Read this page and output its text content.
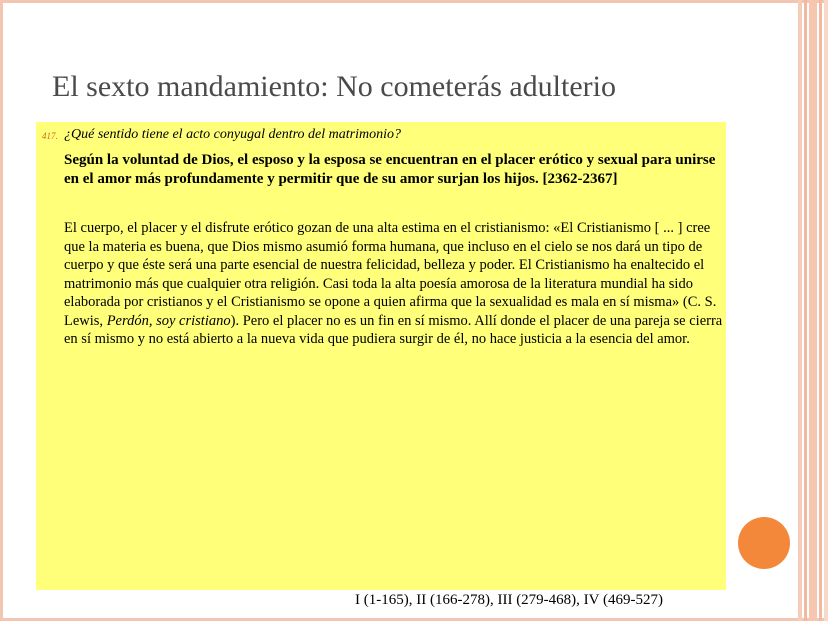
El sexto mandamiento: No cometerás adulterio
417. ¿Qué sentido tiene el acto conyugal dentro del matrimonio?
Según la voluntad de Dios, el esposo y la esposa se encuentran en el placer erótico y sexual para unirse en el amor más profundamente y permitir que de su amor surjan los hijos. [2362-2367]
El cuerpo, el placer y el disfrute erótico gozan de una alta estima en el cristianismo: «El Cristianismo [ ... ] cree que la materia es buena, que Dios mismo asumió forma humana, que incluso en el cielo se nos dará un tipo de cuerpo y que éste será una parte esencial de nuestra felicidad, belleza y poder. El Cristianismo ha enaltecido el matrimonio más que cualquier otra religión. Casi toda la alta poesía amorosa de la literatura mundial ha sido elaborada por cristianos y el Cristianismo se opone a quien afirma que la sexualidad es mala en sí misma» (C. S. Lewis, Perdón, soy cristiano). Pero el placer no es un fin en sí mismo. Allí donde el placer de una pareja se cierra en sí mismo y no está abierto a la nueva vida que pudiera surgir de él, no hace justicia a la esencia del amor.
I (1-165), II (166-278), III (279-468), IV (469-527)
